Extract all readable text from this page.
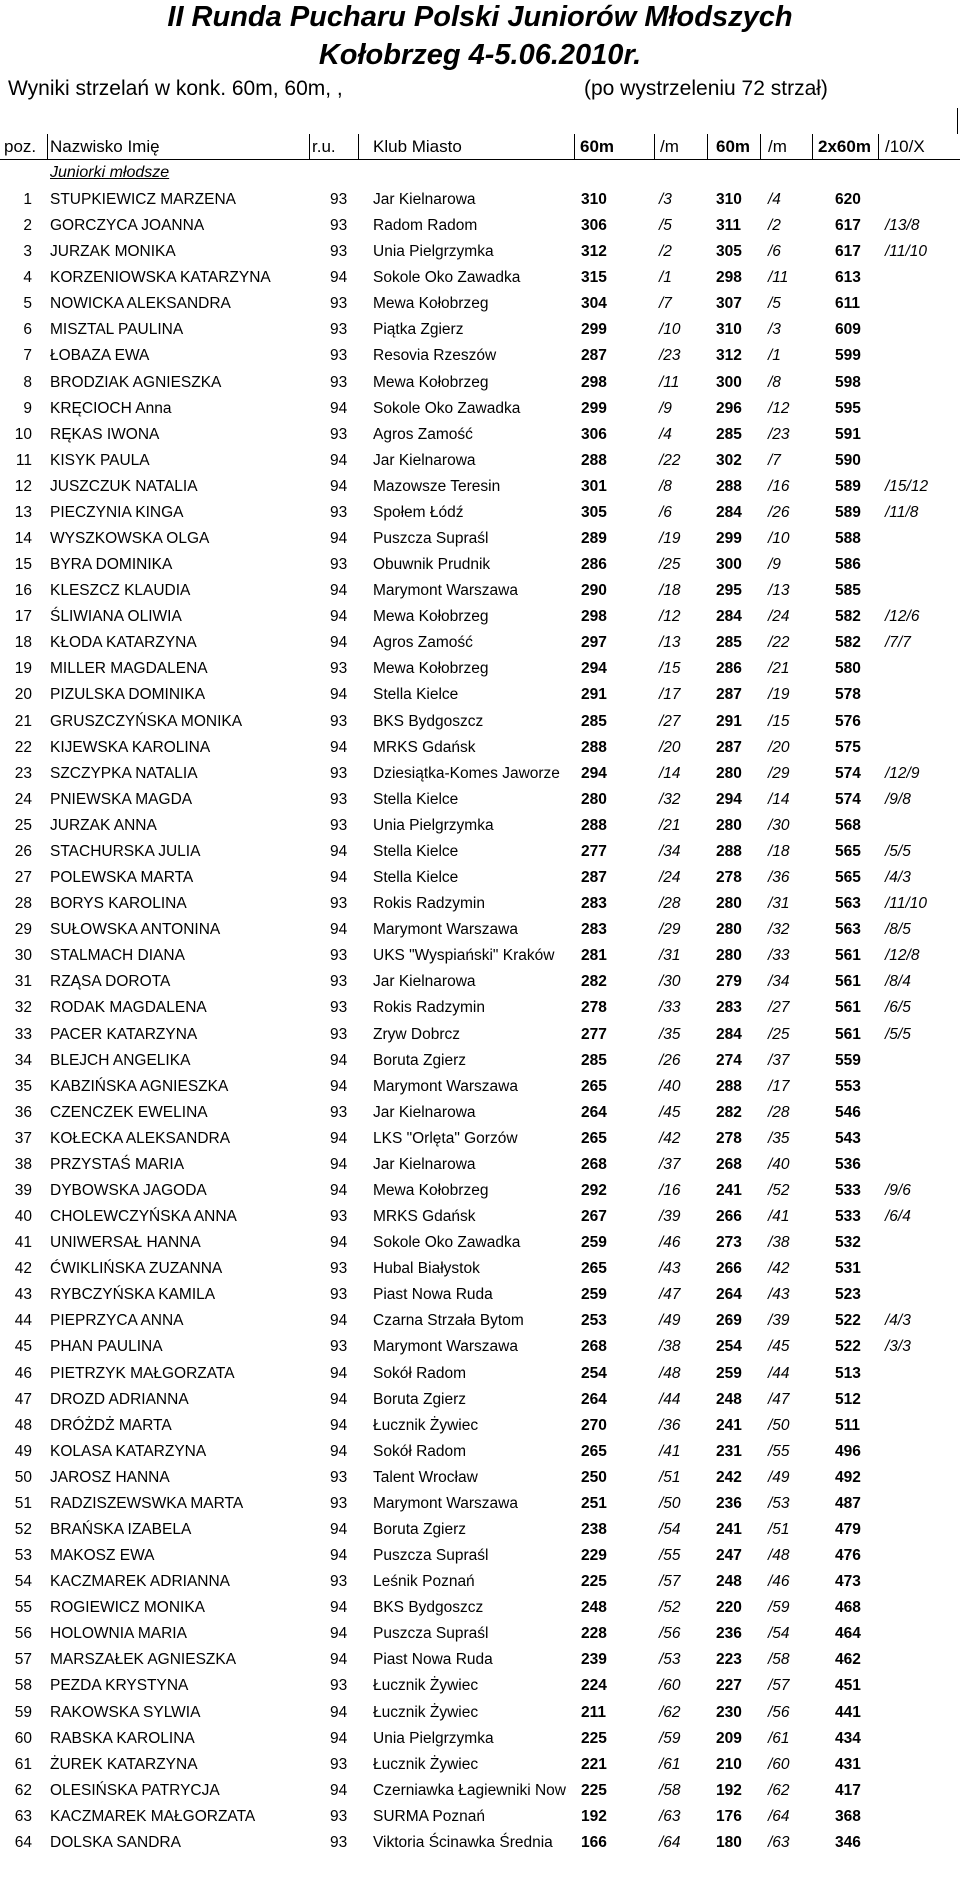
II Runda Pucharu Polski Juniorów Młodszych
Kołobrzeg 4-5.06.2010r.
Wyniki strzelań w konk. 60m, 60m, ,	(po wystrzeleniu 72 strzał)
poz. Nazwisko Imię	r.u. Klub Miasto	60m	/m 60m /m 2x60m /10/X
Juniorki młodsze
1 STUPKIEWICZ MARZENA	93 Jar Kielnarowa	310	/3	310 /4	620
2 GORCZYCA JOANNA	93 Radom Radom	306	/5	311 /2	617 /13/8
3 JURZAK MONIKA	93 Unia Pielgrzymka	312	/2	305 /6	617 /11/10
4 KORZENIOWSKA KATARZYNA	94 Sokole Oko Zawadka	315	/1	298 /11	613
5 NOWICKA ALEKSANDRA	93 Mewa Kołobrzeg	304	/7	307 /5	611
6 MISZTAL PAULINA	93 Piątka Zgierz	299	/10 310 /3	609
7 ŁOBAZA EWA	93 Resovia Rzeszów	287	/23 312 /1	599
8 BRODZIAK AGNIESZKA	93 Mewa Kołobrzeg	298	/11 300 /8	598
9 KRĘCIOCH Anna	94 Sokole Oko Zawadka	299	/9	296 /12	595
10 RĘKAS IWONA	93 Agros Zamość	306	/4	285 /23	591
11 KISYK PAULA	94 Jar Kielnarowa	288	/22 302 /7	590
12 JUSZCZUK NATALIA	94 Mazowsze Teresin	301	/8	288 /16	589 /15/12
13 PIECZYNIA KINGA	93 Społem Łódź	305	/6	284 /26	589 /11/8
14 WYSZKOWSKA OLGA	94 Puszcza Supraśl	289	/19 299 /10	588
15 BYRA DOMINIKA	93 Obuwnik Prudnik	286	/25 300 /9	586
16 KLESZCZ KLAUDIA	94 Marymont Warszawa	290	/18 295 /13	585
17 ŚLIWIANA OLIWIA	94 Mewa Kołobrzeg	298	/12 284 /24	582 /12/6
18 KŁODA KATARZYNA	94 Agros Zamość	297	/13 285 /22	582 /7/7
19 MILLER MAGDALENA	93 Mewa Kołobrzeg	294	/15 286 /21	580
20 PIZULSKA DOMINIKA	94 Stella Kielce	291	/17 287 /19	578
21 GRUSZCZYŃSKA MONIKA	93 BKS Bydgoszcz	285	/27 291 /15	576
22 KIJEWSKA KAROLINA	94 MRKS Gdańsk	288	/20 287 /20	575
23 SZCZYPKA NATALIA	93 Dziesiątka-Komes Jaworze 294	/14 280 /29	574 /12/9
24 PNIEWSKA MAGDA	93 Stella Kielce	280	/32 294 /14	574 /9/8
25 JURZAK ANNA	93 Unia Pielgrzymka	288	/21 280 /30	568
26 STACHURSKA JULIA	94 Stella Kielce	277	/34 288 /18	565 /5/5
27 POLEWSKA MARTA	94 Stella Kielce	287	/24 278 /36	565 /4/3
28 BORYS KAROLINA	93 Rokis Radzymin	283	/28 280 /31	563 /11/10
29 SUŁOWSKA ANTONINA	94 Marymont Warszawa	283	/29 280 /32	563 /8/5
30 STALMACH DIANA	93 UKS "Wyspiański" Kraków 281	/31 280 /33	561 /12/8
31 RZĄSA DOROTA	93 Jar Kielnarowa	282	/30 279 /34	561 /8/4
32 RODAK MAGDALENA	93 Rokis Radzymin	278	/33 283 /27	561 /6/5
33 PACER KATARZYNA	93 Zryw Dobrcz	277	/35 284 /25	561 /5/5
34 BLEJCH ANGELIKA	94 Boruta Zgierz	285	/26 274 /37	559
35 KABZIŃSKA AGNIESZKA	94 Marymont Warszawa	265	/40 288 /17	553
36 CZENCZEK EWELINA	93 Jar Kielnarowa	264	/45 282 /28	546
37 KOŁECKA ALEKSANDRA	94 LKS "Orlęta" Gorzów	265	/42 278 /35	543
38 PRZYSTAŚ MARIA	94 Jar Kielnarowa	268	/37 268 /40	536
39 DYBOWSKA JAGODA	94 Mewa Kołobrzeg	292	/16 241 /52	533 /9/6
40 CHOLEWCZYŃSKA ANNA	93 MRKS Gdańsk	267	/39 266 /41	533 /6/4
41 UNIWERSAŁ HANNA	94 Sokole Oko Zawadka	259	/46 273 /38	532
42 ĆWIKLIŃSKA ZUZANNA	93 Hubal Białystok	265	/43 266 /42	531
43 RYBCZYŃSKA KAMILA	93 Piast Nowa Ruda	259	/47 264 /43	523
44 PIEPRZYCA ANNA	94 Czarna Strzała Bytom	253	/49 269 /39	522 /4/3
45 PHAN PAULINA	93 Marymont Warszawa	268	/38 254 /45	522 /3/3
46 PIETRZYK MAŁGORZATA	94 Sokół Radom	254	/48 259 /44	513
47 DROZD ADRIANNA	94 Boruta Zgierz	264	/44 248 /47	512
48 DRÓŻDŻ MARTA	94 Łucznik Żywiec	270	/36 241 /50	511
49 KOLASA KATARZYNA	94 Sokół Radom	265	/41 231 /55	496
50 JAROSZ HANNA	93 Talent Wrocław	250	/51 242 /49	492
51 RADZISZEWSWKA MARTA	93 Marymont Warszawa	251	/50 236 /53	487
52 BRAŃSKA IZABELA	94 Boruta Zgierz	238	/54 241 /51	479
53 MAKOSZ EWA	94 Puszcza Supraśl	229	/55 247 /48	476
54 KACZMAREK ADRIANNA	93 Leśnik Poznań	225	/57 248 /46	473
55 ROGIEWICZ MONIKA	94 BKS Bydgoszcz	248	/52 220 /59	468
56 HOLOWNIA MARIA	94 Puszcza Supraśl	228	/56 236 /54	464
57 MARSZAŁEK AGNIESZKA	94 Piast Nowa Ruda	239	/53 223 /58	462
58 PEZDA KRYSTYNA	93 Łucznik Żywiec	224	/60 227 /57	451
59 RAKOWSKA SYLWIA	94 Łucznik Żywiec	211	/62 230 /56	441
60 RABSKA KAROLINA	94 Unia Pielgrzymka	225	/59 209 /61	434
61 ŻUREK KATARZYNA	93 Łucznik Żywiec	221	/61 210 /60	431
62 OLESIŃSKA PATRYCJA	94 Czerniawka Łagiewniki Now 225	/58 192 /62	417
63 KACZMAREK MAŁGORZATA	93 SURMA Poznań	192	/63 176 /64	368
64 DOLSKA SANDRA	93 Viktoria Ścinawka Średnia 166	/64 180 /63	346
